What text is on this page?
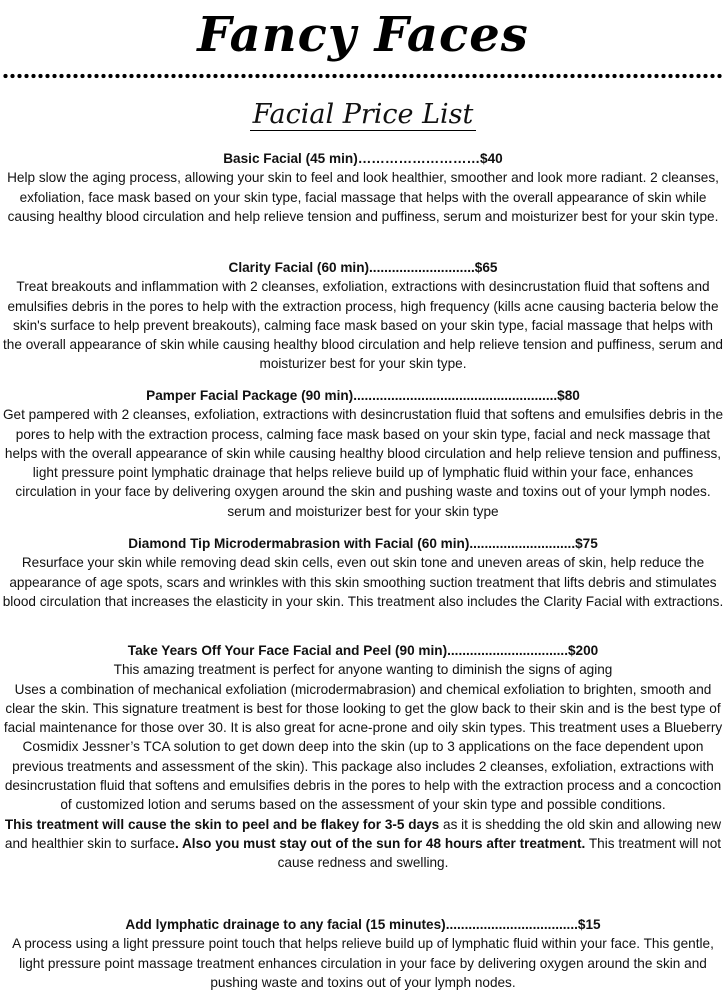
Fancy Faces
Facial Price List
Basic Facial (45 min)………………………$40

Help slow the aging process, allowing your skin to feel and look healthier, smoother and look more radiant. 2 cleanses, exfoliation, face mask based on your skin type, facial massage that helps with the overall appearance of skin while causing healthy blood circulation and help relieve tension and puffiness, serum and moisturizer best for your skin type.

Clarity Facial (60 min)............................$65

Treat breakouts and inflammation with 2 cleanses, exfoliation, extractions with desincrustation fluid that softens and emulsifies debris in the pores to help with the extraction process, high frequency (kills acne causing bacteria below the skin's surface to help prevent breakouts), calming face mask based on your skin type, facial massage that helps with the overall appearance of skin while causing healthy blood circulation and help relieve tension and puffiness, serum and moisturizer best for your skin type.

Pamper Facial Package (90 min)......................................................$80

Get pampered with 2 cleanses, exfoliation, extractions with desincrustation fluid that softens and emulsifies debris in the pores to help with the extraction process, calming face mask based on your skin type, facial and neck massage that helps with the overall appearance of skin while causing healthy blood circulation and help relieve tension and puffiness, light pressure point lymphatic drainage that helps relieve build up of lymphatic fluid within your face, enhances circulation in your face by delivering oxygen around the skin and pushing waste and toxins out of your lymph nodes. serum and moisturizer best for your skin type

Diamond Tip Microdermabrasion with Facial (60 min)............................$75

Resurface your skin while removing dead skin cells, even out skin tone and uneven areas of skin, help reduce the appearance of age spots, scars and wrinkles with this skin smoothing suction treatment that lifts debris and stimulates blood circulation that increases the elasticity in your skin. This treatment also includes the Clarity Facial with extractions.

Take Years Off Your Face Facial and Peel (90 min)................................$200

This amazing treatment is perfect for anyone wanting to diminish the signs of aging

Uses a combination of mechanical exfoliation (microdermabrasion) and chemical exfoliation to brighten, smooth and clear the skin. This signature treatment is best for those looking to get the glow back to their skin and is the best type of facial maintenance for those over 30. It is also great for acne-prone and oily skin types. This treatment uses a Blueberry Cosmidix Jessner’s TCA solution to get down deep into the skin (up to 3 applications on the face dependent upon previous treatments and assessment of the skin). This package also includes 2 cleanses, exfoliation, extractions with desincrustation fluid that softens and emulsifies debris in the pores to help with the extraction process and a concoction of customized lotion and serums based on the assessment of your skin type and possible conditions.

This treatment will cause the skin to peel and be flakey for 3-5 days as it is shedding the old skin and allowing new and healthier skin to surface. Also you must stay out of the sun for 48 hours after treatment. This treatment will not cause redness and swelling.

Add lymphatic drainage to any facial (15 minutes)...................................$15

A process using a light pressure point touch that helps relieve build up of lymphatic fluid within your face. This gentle, light pressure point massage treatment enhances circulation in your face by delivering oxygen around the skin and pushing waste and toxins out of your lymph nodes.
